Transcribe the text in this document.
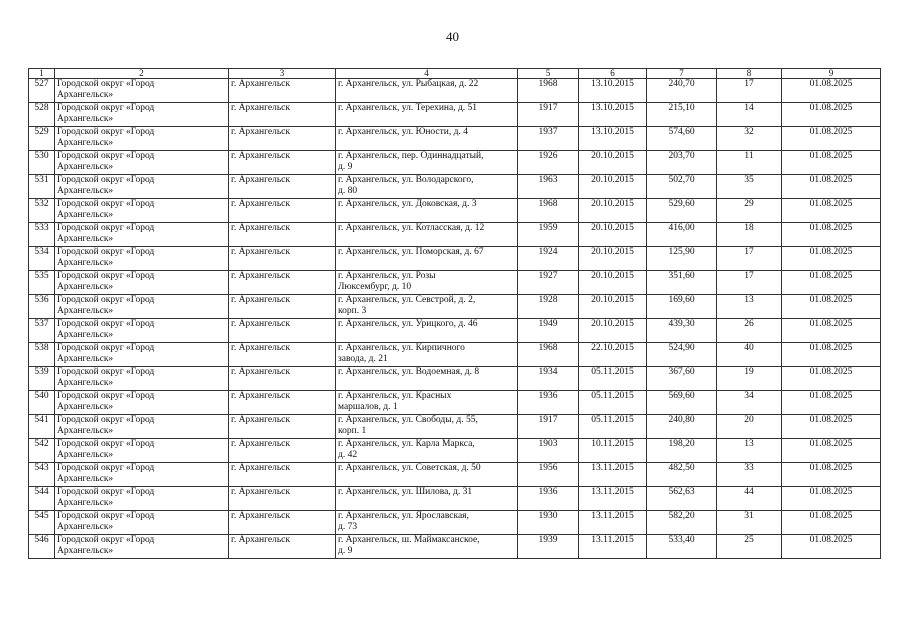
40
1	2	3	4	5	6	7	8	9
527	Городской округ «Город
Архангельск»	г. Архангельск	г. Архангельск, ул. Рыбацкая, д. 22	1968	13.10.2015	240,70	17	01.08.2025
528	Городской округ «Город
Архангельск»	г. Архангельск	г. Архангельск, ул. Терехина, д. 51	1917	13.10.2015	215,10	14	01.08.2025
529	Городской округ «Город
Архангельск»	г. Архангельск	г. Архангельск, ул. Юности, д. 4	1937	13.10.2015	574,60	32	01.08.2025
530	Городской округ «Город
Архангельск»	г. Архангельск	г. Архангельск, пер. Одиннадцатый,
д. 9	1926	20.10.2015	203,70	11	01.08.2025
531	Городской округ «Город
Архангельск»	г. Архангельск	г. Архангельск, ул. Володарского,
д. 80	1963	20.10.2015	502,70	35	01.08.2025
532	Городской округ «Город
Архангельск»	г. Архангельск	г. Архангельск, ул. Доковская, д. 3	1968	20.10.2015	529,60	29	01.08.2025
533	Городской округ «Город
Архангельск»	г. Архангельск	г. Архангельск, ул. Котласская, д. 12	1959	20.10.2015	416,00	18	01.08.2025
534	Городской округ «Город
Архангельск»	г. Архангельск	г. Архангельск, ул. Поморская, д. 67	1924	20.10.2015	125,90	17	01.08.2025
535	Городской округ «Город
Архангельск»	г. Архангельск	г. Архангельск, ул. Розы
Люксембург, д. 10	1927	20.10.2015	351,60	17	01.08.2025
536	Городской округ «Город
Архангельск»	г. Архангельск	г. Архангельск, ул. Севстрой, д. 2,
корп. 3	1928	20.10.2015	169,60	13	01.08.2025
537	Городской округ «Город
Архангельск»	г. Архангельск	г. Архангельск, ул. Урицкого, д. 46	1949	20.10.2015	439,30	26	01.08.2025
538	Городской округ «Город
Архангельск»	г. Архангельск	г. Архангельск, ул. Кирпичного
завода, д. 21	1968	22.10.2015	524,90	40	01.08.2025
539	Городской округ «Город
Архангельск»	г. Архангельск	г. Архангельск, ул. Водоемная, д. 8	1934	05.11.2015	367,60	19	01.08.2025
540	Городской округ «Город
Архангельск»	г. Архангельск	г. Архангельск, ул. Красных
маршалов, д. 1	1936	05.11.2015	569,60	34	01.08.2025
541	Городской округ «Город
Архангельск»	г. Архангельск	г. Архангельск, ул. Свободы, д. 55,
корп. 1	1917	05.11.2015	240,80	20	01.08.2025
542	Городской округ «Город
Архангельск»	г. Архангельск	г. Архангельск, ул. Карла Маркса,
д. 42	1903	10.11.2015	198,20	13	01.08.2025
543	Городской округ «Город
Архангельск»	г. Архангельск	г. Архангельск, ул. Советская, д. 50	1956	13.11.2015	482,50	33	01.08.2025
544	Городской округ «Город
Архангельск»	г. Архангельск	г. Архангельск, ул. Шилова, д. 31	1936	13.11.2015	562,63	44	01.08.2025
545	Городской округ «Город
Архангельск»	г. Архангельск	г. Архангельск, ул. Ярославская,
д. 73	1930	13.11.2015	582,20	31	01.08.2025
546	Городской округ «Город
Архангельск»	г. Архангельск	г. Архангельск, ш. Маймаксанское,
д. 9	1939	13.11.2015	533,40	25	01.08.2025
